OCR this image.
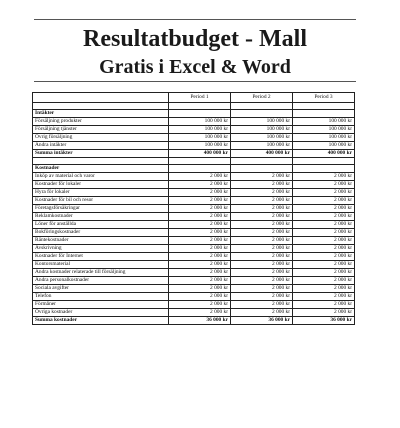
Resultatbudget - Mall
Gratis i Excel & Word
	Period 1	Period 2	Period 3

Intäkter			
Försäljning produkter	100 000 kr	100 000 kr	100 000 kr
Försäljning tjänster	100 000 kr	100 000 kr	100 000 kr
Övrig försäljning	100 000 kr	100 000 kr	100 000 kr
Andra intäkter	100 000 kr	100 000 kr	100 000 kr
Summa intäkter	400 000 kr	400 000 kr	400 000 kr

Kostnader			
Inköp av material och varor	2 000 kr	2 000 kr	2 000 kr
Kostnader för lokaler	2 000 kr	2 000 kr	2 000 kr
Hyra för lokaler	2 000 kr	2 000 kr	2 000 kr
Kostnader för bil och resor	2 000 kr	2 000 kr	2 000 kr
Företagsförsäkringar	2 000 kr	2 000 kr	2 000 kr
Reklamkostnader	2 000 kr	2 000 kr	2 000 kr
Löner för anställda	2 000 kr	2 000 kr	2 000 kr
Bokföringskostnader	2 000 kr	2 000 kr	2 000 kr
Räntekostnader	2 000 kr	2 000 kr	2 000 kr
Avskrivning	2 000 kr	2 000 kr	2 000 kr
Kostnader för Internet	2 000 kr	2 000 kr	2 000 kr
Kontorsmaterial	2 000 kr	2 000 kr	2 000 kr
Andra kostnader relaterade till försäljning	2 000 kr	2 000 kr	2 000 kr
Andra personalkostnader	2 000 kr	2 000 kr	2 000 kr
Sociala avgifter	2 000 kr	2 000 kr	2 000 kr
Telefon	2 000 kr	2 000 kr	2 000 kr
Förmåner	2 000 kr	2 000 kr	2 000 kr
Övriga kostnader	2 000 kr	2 000 kr	2 000 kr
Summa kostnader	36 000 kr	36 000 kr	36 000 kr
